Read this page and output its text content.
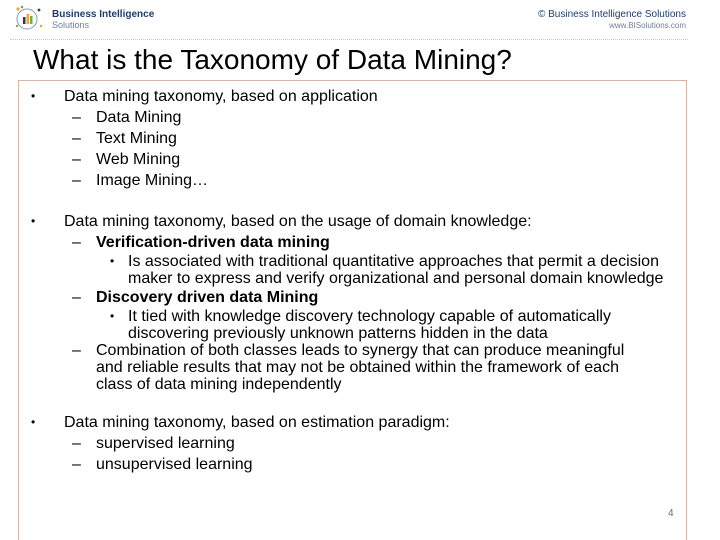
Business Intelligence
Solutions
© Business Intelligence Solutions
www.BISolutions.com
What is the Taxonomy of Data Mining?
• Data mining taxonomy, based on application
– Data Mining
– Text Mining
– Web Mining
– Image Mining…
• Data mining taxonomy, based on the usage of domain knowledge:
– Verification-driven data mining
• Is associated with traditional quantitative approaches that permit a decision maker to express and verify organizational and personal domain knowledge
– Discovery driven data Mining
• It tied with knowledge discovery technology capable of automatically discovering previously unknown patterns hidden in the data
– Combination of both classes leads to synergy that can produce meaningful and reliable results that may not be obtained within the framework of each class of data mining independently
• Data mining taxonomy, based on estimation paradigm:
– supervised learning
– unsupervised learning
4
